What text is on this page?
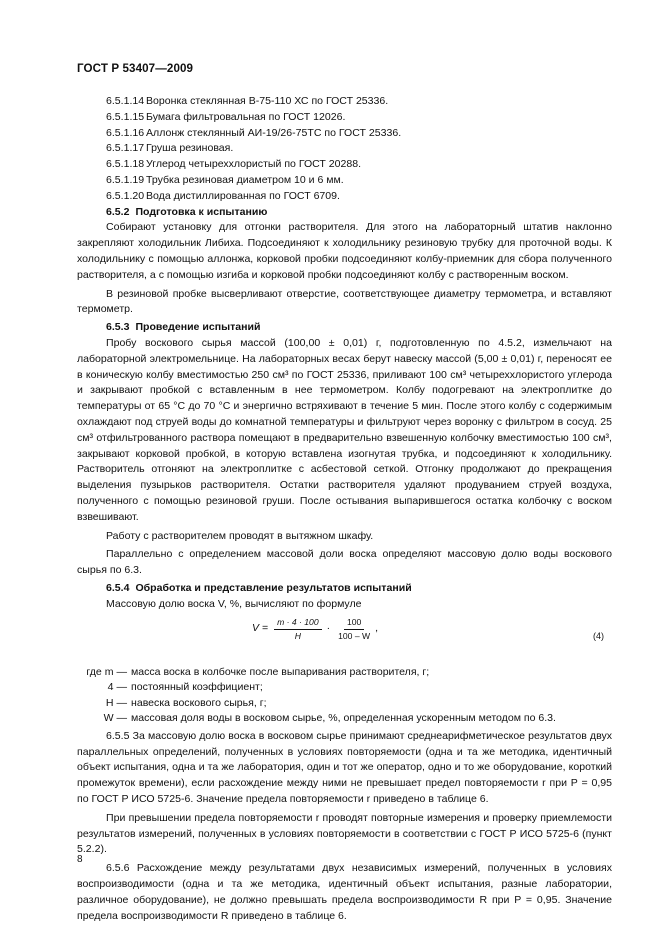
ГОСТ Р 53407—2009
6.5.1.14 Воронка стеклянная В-75-110 ХС по ГОСТ 25336.
6.5.1.15 Бумага фильтровальная по ГОСТ 12026.
6.5.1.16 Аллонж стеклянный АИ-19/26-75ТС по ГОСТ 25336.
6.5.1.17 Груша резиновая.
6.5.1.18 Углерод четыреххлористый по ГОСТ 20288.
6.5.1.19 Трубка резиновая диаметром 10 и 6 мм.
6.5.1.20 Вода дистиллированная по ГОСТ 6709.
6.5.2 Подготовка к испытанию
Собирают установку для отгонки растворителя. Для этого на лабораторный штатив наклонно закрепляют холодильник Либиха. Подсоединяют к холодильнику резиновую трубку для проточной воды. К холодильнику с помощью аллонжа, корковой пробки подсоединяют колбу-приемник для сбора полученного растворителя, а с помощью изгиба и корковой пробки подсоединяют колбу с растворенным воском.
В резиновой пробке высверливают отверстие, соответствующее диаметру термометра, и вставляют термометр.
6.5.3 Проведение испытаний
Пробу воскового сырья массой (100,00 ± 0,01) г, подготовленную по 4.5.2, измельчают на лабораторной электромельнице. На лабораторных весах берут навеску массой (5,00 ± 0,01) г, переносят ее в коническую колбу вместимостью 250 см³ по ГОСТ 25336, приливают 100 см³ четыреххлористого углерода и закрывают пробкой с вставленным в нее термометром. Колбу подогревают на электроплитке до температуры от 65 °С до 70 °С и энергично встряхивают в течение 5 мин. После этого колбу с содержимым охлаждают под струей воды до комнатной температуры и фильтруют через воронку с фильтром в сосуд. 25 см³ отфильтрованного раствора помещают в предварительно взвешенную колбочку вместимостью 100 см³, закрывают корковой пробкой, в которую вставлена изогнутая трубка, и подсоединяют к холодильнику. Растворитель отгоняют на электроплитке с асбестовой сеткой. Отгонку продолжают до прекращения выделения пузырьков растворителя. Остатки растворителя удаляют продуванием струей воздуха, полученного с помощью резиновой груши. После остывания выпарившегося остатка колбочку с воском взвешивают.
Работу с растворителем проводят в вытяжном шкафу.
Параллельно с определением массовой доли воска определяют массовую долю воды воскового сырья по 6.3.
6.5.4 Обработка и представление результатов испытаний
Массовую долю воска V, %, вычисляют по формуле
$V = \frac{m \cdot 4 \cdot 100}{H} \cdot \frac{100}{100 - W}$ ,
(4)
где m — масса воска в колбочке после выпаривания растворителя, г;
4 — постоянный коэффициент;
H — навеска воскового сырья, г;
W — массовая доля воды в восковом сырье, %, определенная ускоренным методом по 6.3.
6.5.5 За массовую долю воска в восковом сырье принимают среднеарифметическое результатов двух параллельных определений, полученных в условиях повторяемости (одна и та же методика, идентичный объект испытания, одна и та же лаборатория, один и тот же оператор, одно и то же оборудование, короткий промежуток времени), если расхождение между ними не превышает предел повторяемости r при P = 0,95 по ГОСТ Р ИСО 5725-6. Значение предела повторяемости r приведено в таблице 6.
При превышении предела повторяемости r проводят повторные измерения и проверку приемлемости результатов измерений, полученных в условиях повторяемости в соответствии с ГОСТ Р ИСО 5725-6 (пункт 5.2.2).
6.5.6 Расхождение между результатами двух независимых измерений, полученных в условиях воспроизводимости (одна и та же методика, идентичный объект испытания, разные лаборатории, различное оборудование), не должно превышать предела воспроизводимости R при P = 0,95. Значение предела воспроизводимости R приведено в таблице 6.
8
